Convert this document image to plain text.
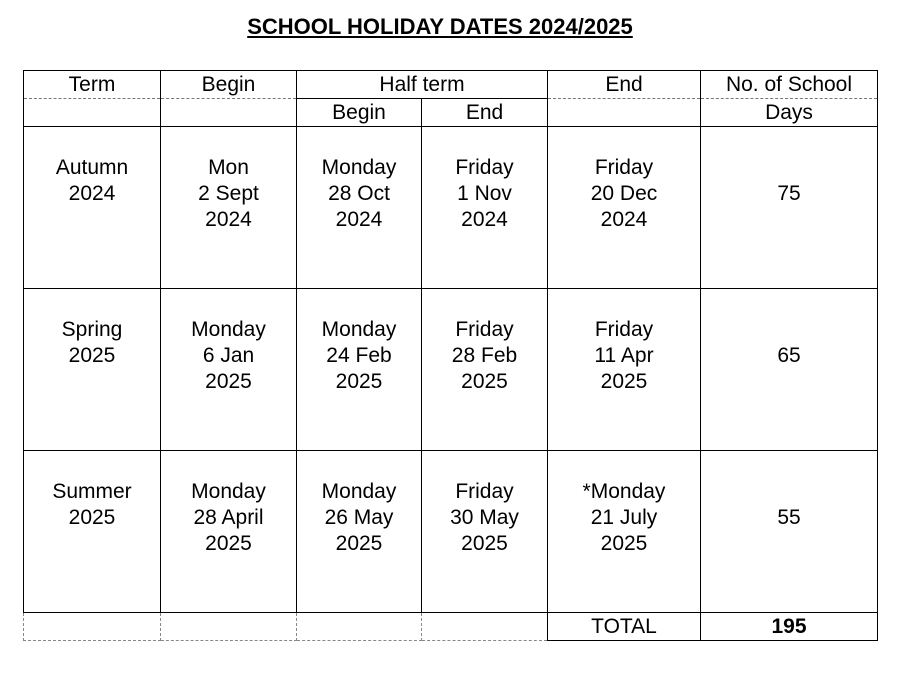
SCHOOL HOLIDAY DATES 2024/2025
Term	Begin	Half term		End	No. of School
		Begin	End		Days

Autumn
2024	Mon
2 Sept
2024	Monday
28 Oct
2024	Friday
1 Nov
2024	Friday
20 Dec
2024	75

Spring
2025	Monday
6 Jan
2025	Monday
24 Feb
2025	Friday
28 Feb
2025	Friday
11 Apr
2025	65

Summer
2025	Monday
28 April
2025	Monday
26 May
2025	Friday
30 May
2025	*Monday
21 July
2025	55

				TOTAL	195
